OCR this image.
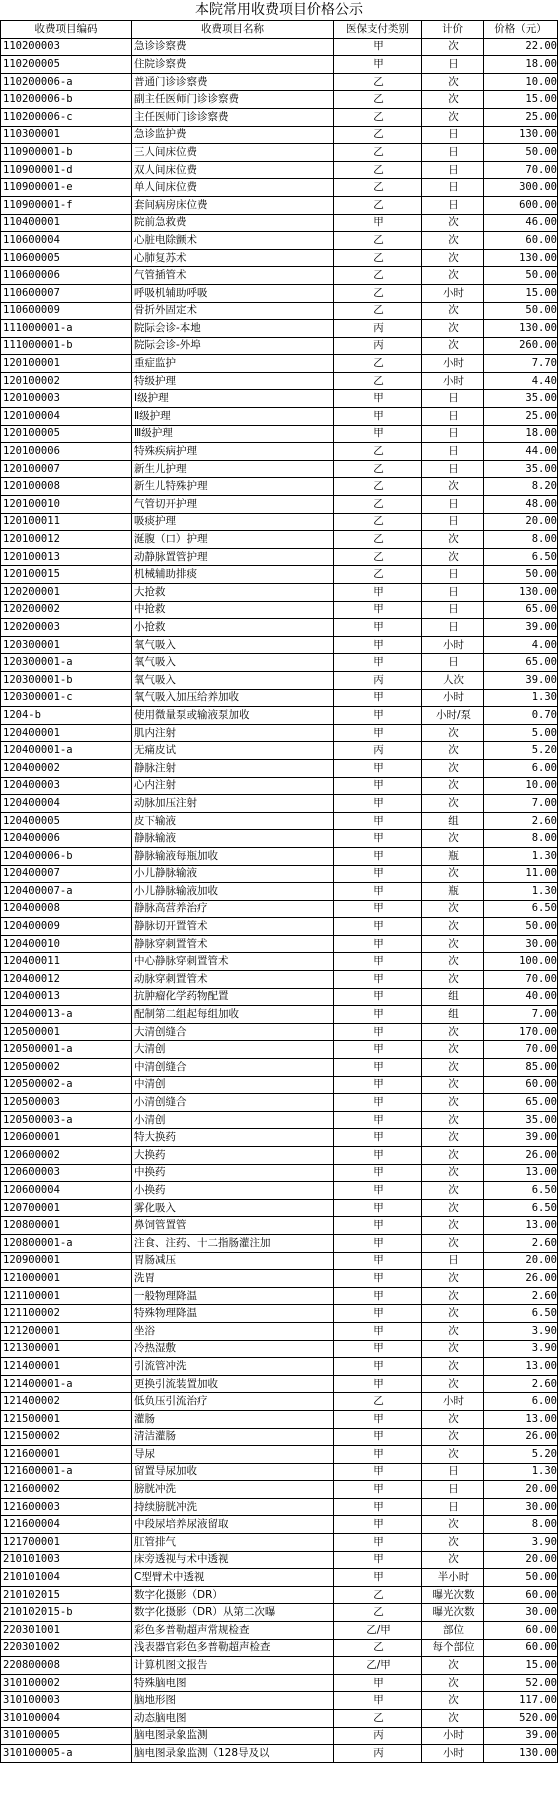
本院常用收费项目价格公示
收费项目编码	收费项目名称	医保支付类别	计价	价格（元）
110200003	急诊诊察费	甲	次	22.00
110200005	住院诊察费	甲	日	18.00
110200006-a	普通门诊诊察费	乙	次	10.00
110200006-b	副主任医师门诊诊察费	乙	次	15.00
110200006-c	主任医师门诊诊察费	乙	次	25.00
110300001	急诊监护费	乙	日	130.00
110900001-b	三人间床位费	乙	日	50.00
110900001-d	双人间床位费	乙	日	70.00
110900001-e	单人间床位费	乙	日	300.00
110900001-f	套间病房床位费	乙	日	600.00
110400001	院前急救费	甲	次	46.00
110600004	心脏电除颤术	乙	次	60.00
110600005	心肺复苏术	乙	次	130.00
110600006	气管插管术	乙	次	50.00
110600007	呼吸机辅助呼吸	乙	小时	15.00
110600009	骨折外固定术	乙	次	50.00
111000001-a	院际会诊-本地	丙	次	130.00
111000001-b	院际会诊-外埠	丙	次	260.00
120100001	重症监护	乙	小时	7.70
120100002	特级护理	乙	小时	4.40
120100003	Ⅰ级护理	甲	日	35.00
120100004	Ⅱ级护理	甲	日	25.00
120100005	Ⅲ级护理	甲	日	18.00
120100006	特殊疾病护理	乙	日	44.00
120100007	新生儿护理	乙	日	35.00
120100008	新生儿特殊护理	乙	次	8.20
120100010	气管切开护理	乙	日	48.00
120100011	吸痰护理	乙	日	20.00
120100012	涎腹（口）护理	乙	次	8.00
120100013	动静脉置管护理	乙	次	6.50
120100015	机械辅助排痰	乙	日	50.00
120200001	大抢救	甲	日	130.00
120200002	中抢救	甲	日	65.00
120200003	小抢救	甲	日	39.00
120300001	氧气吸入	甲	小时	4.00
120300001-a	氧气吸入	甲	日	65.00
120300001-b	氧气吸入	丙	人次	39.00
120300001-c	氧气吸入加压给养加收	甲	小时	1.30
1204-b	使用微量泵或输液泵加收	甲	小时/泵	0.70
120400001	肌内注射	甲	次	5.00
120400001-a	无痛皮试	丙	次	5.20
120400002	静脉注射	甲	次	6.00
120400003	心内注射	甲	次	10.00
120400004	动脉加压注射	甲	次	7.00
120400005	皮下输液	甲	组	2.60
120400006	静脉输液	甲	次	8.00
120400006-b	静脉输液每瓶加收	甲	瓶	1.30
120400007	小儿静脉输液	甲	次	11.00
120400007-a	小儿静脉输液加收	甲	瓶	1.30
120400008	静脉高营养治疗	甲	次	6.50
120400009	静脉切开置管术	甲	次	50.00
120400010	静脉穿刺置管术	甲	次	30.00
120400011	中心静脉穿刺置管术	甲	次	100.00
120400012	动脉穿刺置管术	甲	次	70.00
120400013	抗肿瘤化学药物配置	甲	组	40.00
120400013-a	配制第二组起每组加收	甲	组	7.00
120500001	大清创缝合	甲	次	170.00
120500001-a	大清创	甲	次	70.00
120500002	中清创缝合	甲	次	85.00
120500002-a	中清创	甲	次	60.00
120500003	小清创缝合	甲	次	65.00
120500003-a	小清创	甲	次	35.00
120600001	特大换药	甲	次	39.00
120600002	大换药	甲	次	26.00
120600003	中换药	甲	次	13.00
120600004	小换药	甲	次	6.50
120700001	雾化吸入	甲	次	6.50
120800001	鼻饲管置管	甲	次	13.00
120800001-a	注食、注药、十二指肠灌注加	甲	次	2.60
120900001	胃肠减压	甲	日	20.00
121000001	洗胃	甲	次	26.00
121100001	一般物理降温	甲	次	2.60
121100002	特殊物理降温	甲	次	6.50
121200001	坐浴	甲	次	3.90
121300001	冷热湿敷	甲	次	3.90
121400001	引流管冲洗	甲	次	13.00
121400001-a	更换引流装置加收	甲	次	2.60
121400002	低负压引流治疗	乙	小时	6.00
121500001	灌肠	甲	次	13.00
121500002	清洁灌肠	甲	次	26.00
121600001	导尿	甲	次	5.20
121600001-a	留置导尿加收	甲	日	1.30
121600002	膀胱冲洗	甲	日	20.00
121600003	持续膀胱冲洗	甲	日	30.00
121600004	中段尿培养尿液留取	甲	次	8.00
121700001	肛管排气	甲	次	3.90
210101003	床旁透视与术中透视	甲	次	20.00
210101004	C型臂术中透视	甲	半小时	50.00
210102015	数字化摄影（DR）	乙	曝光次数	60.00
210102015-b	数字化摄影（DR）从第二次曝	乙	曝光次数	30.00
220301001	彩色多普勒超声常规检查	乙/甲	部位	60.00
220301002	浅表器官彩色多普勒超声检查	乙	每个部位	60.00
220800008	计算机图文报告	乙/甲	次	15.00
310100002	特殊脑电图	甲	次	52.00
310100003	脑地形图	甲	次	117.00
310100004	动态脑电图	乙	次	520.00
310100005	脑电图录象监测	丙	小时	39.00
310100005-a	脑电图录象监测（128导及以	丙	小时	130.00
